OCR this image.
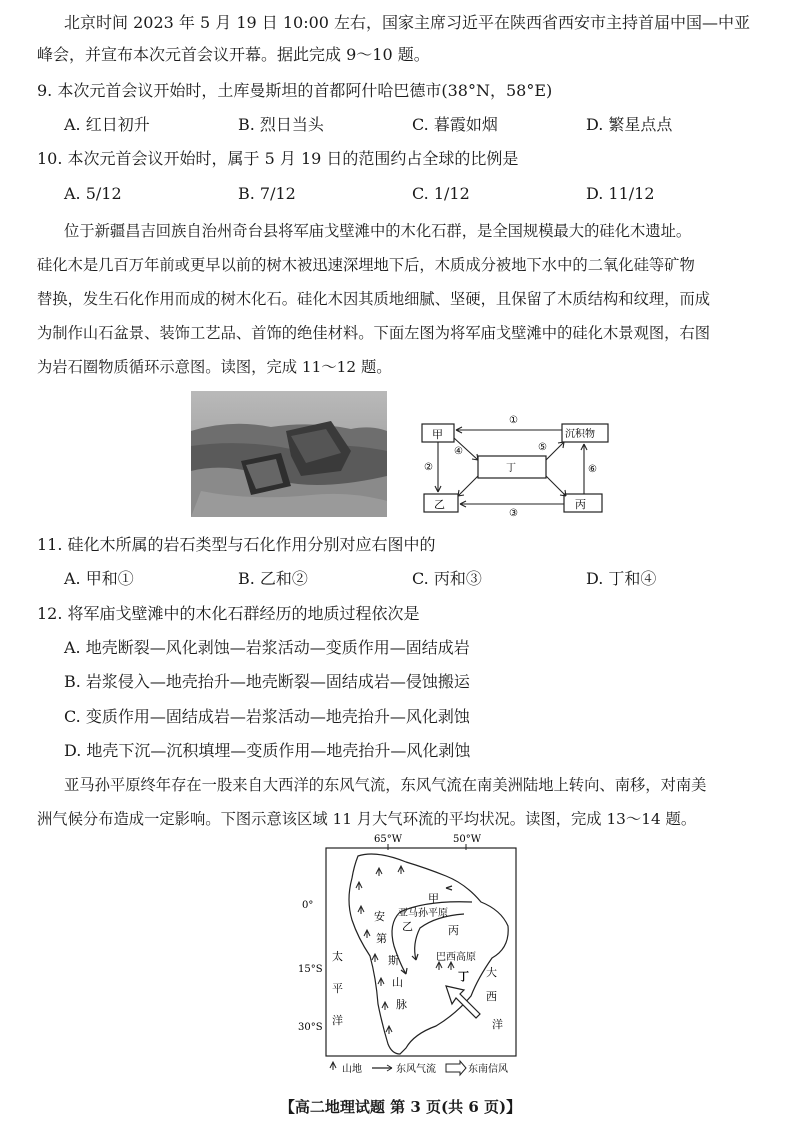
北京时间 2023 年 5 月 19 日 10:00 左右，国家主席习近平在陕西省西安市主持首届中国—中亚
峰会，并宣布本次元首会议开幕。据此完成 9～10 题。
9. 本次元首会议开始时，土库曼斯坦的首都阿什哈巴德市(38°N，58°E)
A. 红日初升	B. 烈日当头	C. 暮霞如烟	D. 繁星点点
10. 本次元首会议开始时，属于 5 月 19 日的范围约占全球的比例是
A. 5/12	B. 7/12	C. 1/12	D. 11/12
位于新疆昌吉回族自治州奇台县将军庙戈壁滩中的木化石群，是全国规模最大的硅化木遗址。
硅化木是几百万年前或更早以前的树木被迅速深埋地下后，木质成分被地下水中的二氧化硅等矿物
替换，发生石化作用而成的树木化石。硅化木因其质地细腻、坚硬，且保留了木质结构和纹理，而成
为制作山石盆景、装饰工艺品、首饰的绝佳材料。下面左图为将军庙戈壁滩中的硅化木景观图，右图
为岩石圈物质循环示意图。读图，完成 11～12 题。
甲	沉积物
丁
乙	丙
①
②
③
④	⑤
⑥
11. 硅化木所属的岩石类型与石化作用分别对应右图中的
A. 甲和①	B. 乙和②	C. 丙和③	D. 丁和④
12. 将军庙戈壁滩中的木化石群经历的地质过程依次是
A. 地壳断裂—风化剥蚀—岩浆活动—变质作用—固结成岩
B. 岩浆侵入—地壳抬升—地壳断裂—固结成岩—侵蚀搬运
C. 变质作用—固结成岩—岩浆活动—地壳抬升—风化剥蚀
D. 地壳下沉—沉积填埋—变质作用—地壳抬升—风化剥蚀
亚马孙平原终年存在一股来自大西洋的东风气流，东风气流在南美洲陆地上转向、南移，对南美
洲气候分布造成一定影响。下图示意该区域 11 月大气环流的平均状况。读图，完成 13～14 题。
65°W	50°W
0°
15°S
30°S
安
第
斯
山
脉
太
平
洋
大
西
洋
亚马孙平原
巴西高原
甲
乙	丙
丁
山地	东风气流	东南信风
【高二地理试题 第 3 页(共 6 页)】
